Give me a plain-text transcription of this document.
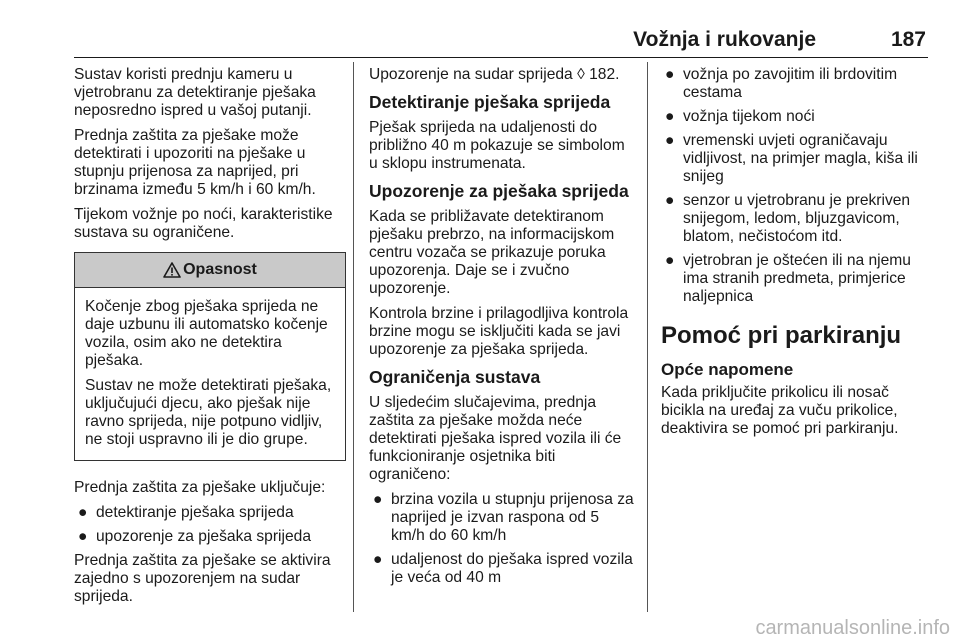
Vožnja i rukovanje	187

Sustav koristi prednju kameru u vjetrobranu za detektiranje pješaka neposredno ispred u vašoj putanji.

Prednja zaštita za pješake može detektirati i upozoriti na pješake u stupnju prijenosa za naprijed, pri brzinama između 5 km/h i 60 km/h.

Tijekom vožnje po noći, karakteristike sustava su ograničene.

Opasnost

Kočenje zbog pješaka sprijeda ne daje uzbunu ili automatsko kočenje vozila, osim ako ne detektira pješaka.

Sustav ne može detektirati pješaka, uključujući djecu, ako pješak nije ravno sprijeda, nije potpuno vidljiv, ne stoji uspravno ili je dio grupe.

Prednja zaštita za pješake uključuje:

● detektiranje pješaka sprijeda
● upozorenje za pješaka sprijeda

Prednja zaštita za pješake se aktivira zajedno s upozorenjem na sudar sprijeda.

Upozorenje na sudar sprijeda ◊ 182.

Detektiranje pješaka sprijeda

Pješak sprijeda na udaljenosti do približno 40 m pokazuje se simbolom u sklopu instrumenata.

Upozorenje za pješaka sprijeda

Kada se približavate detektiranom pješaku prebrzo, na informacijskom centru vozača se prikazuje poruka upozorenja. Daje se i zvučno upozorenje.

Kontrola brzine i prilagodljiva kontrola brzine mogu se isključiti kada se javi upozorenje za pješaka sprijeda.

Ograničenja sustava

U sljedećim slučajevima, prednja zaštita za pješake možda neće detektirati pješaka ispred vozila ili će funkcioniranje osjetnika biti ograničeno:

● brzina vozila u stupnju prijenosa za naprijed je izvan raspona od 5 km/h do 60 km/h
● udaljenost do pješaka ispred vozila je veća od 40 m
● vožnja po zavojitim ili brdovitim cestama
● vožnja tijekom noći
● vremenski uvjeti ograničavaju vidljivost, na primjer magla, kiša ili snijeg
● senzor u vjetrobranu je prekriven snijegom, ledom, bljuzgavicom, blatom, nečistoćom itd.
● vjetrobran je oštećen ili na njemu ima stranih predmeta, primjerice naljepnica
Pomoć pri parkiranju
Opće napomene

Kada priključite prikolicu ili nosač bicikla na uređaj za vuču prikolice, deaktivira se pomoć pri parkiranju.

carmanualsonline.info
